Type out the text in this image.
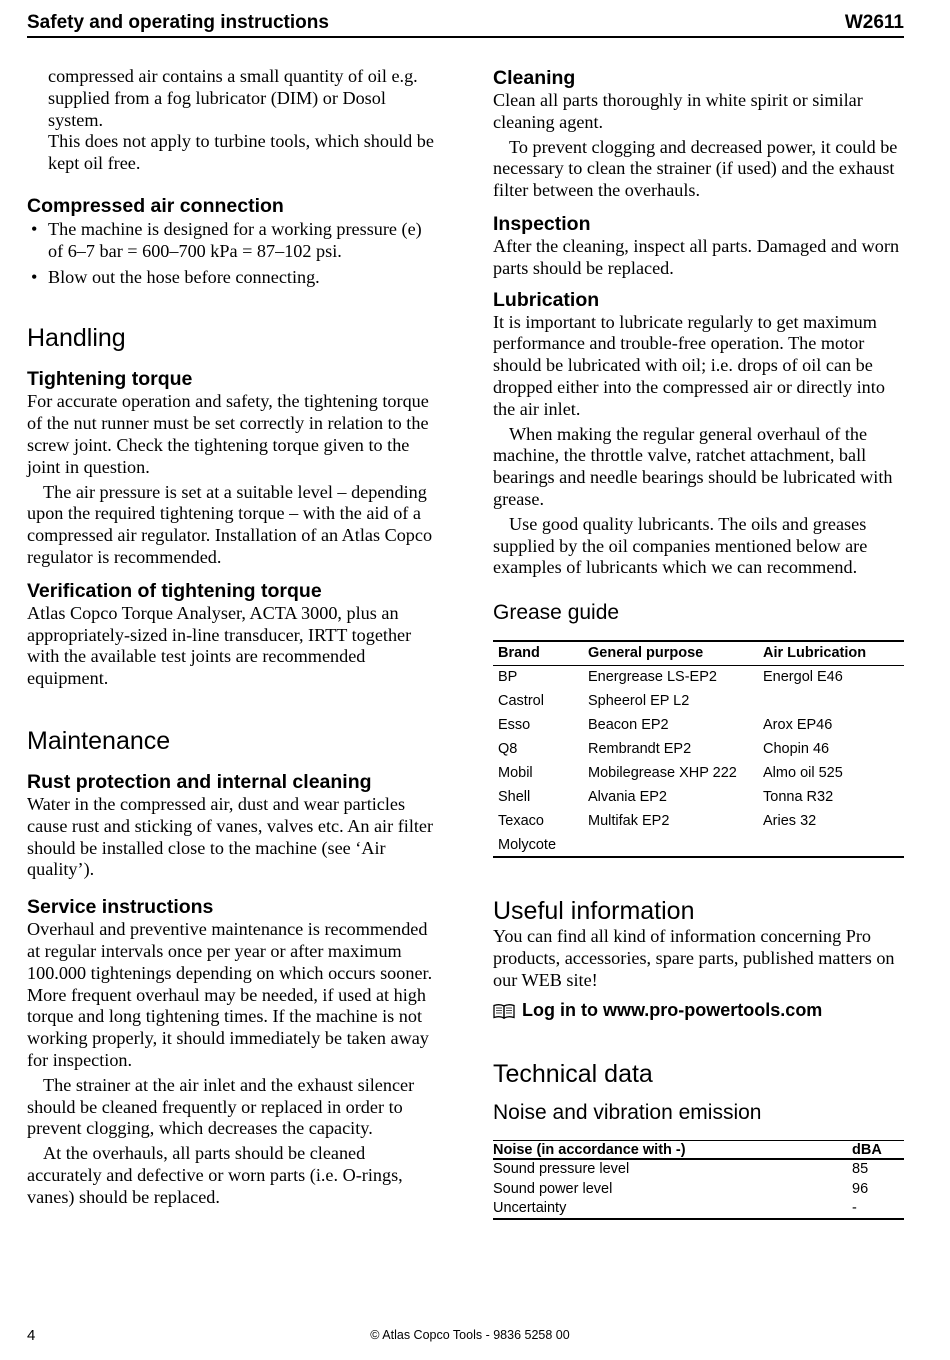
Safety and operating instructions	W2611

compressed air contains a small quantity of oil e.g. supplied from a fog lubricator (DIM) or Dosol system.

This does not apply to turbine tools, which should be kept oil free.

Compressed air connection
• The machine is designed for a working pressure (e) of 6–7 bar = 600–700 kPa = 87–102 psi.
• Blow out the hose before connecting.
Handling
Tightening torque

For accurate operation and safety, the tightening torque of the nut runner must be set correctly in relation to the screw joint. Check the tightening torque given to the joint in question.

The air pressure is set at a suitable level – depending upon the required tightening torque – with the aid of a compressed air regulator. Installation of an Atlas Copco regulator is recommended.

Verification of tightening torque

Atlas Copco Torque Analyser, ACTA 3000, plus an appropriately-sized in-line transducer, IRTT together with the available test joints are recommended equipment.

Maintenance
Rust protection and internal cleaning

Water in the compressed air, dust and wear particles cause rust and sticking of vanes, valves etc. An air filter should be installed close to the machine (see ‘Air quality’).

Service instructions

Overhaul and preventive maintenance is recommended at regular intervals once per year or after maximum 100.000 tightenings depending on which occurs sooner. More frequent overhaul may be needed, if used at high torque and long tightening times. If the machine is not working properly, it should immediately be taken away for inspection.

The strainer at the air inlet and the exhaust silencer should be cleaned frequently or replaced in order to prevent clogging, which decreases the capacity.

At the overhauls, all parts should be cleaned accurately and defective or worn parts (i.e. O-rings, vanes) should be replaced.

Cleaning

Clean all parts thoroughly in white spirit or similar cleaning agent.

To prevent clogging and decreased power, it could be necessary to clean the strainer (if used) and the exhaust filter between the overhauls.

Inspection

After the cleaning, inspect all parts. Damaged and worn parts should be replaced.

Lubrication

It is important to lubricate regularly to get maximum performance and trouble-free operation. The motor should be lubricated with oil; i.e. drops of oil can be dropped either into the compressed air or directly into the air inlet.

When making the regular general overhaul of the machine, the throttle valve, ratchet attachment, ball bearings and needle bearings should be lubricated with grease.

Use good quality lubricants. The oils and greases supplied by the oil companies mentioned below are examples of lubricants which we can recommend.

Grease guide
Brand	General purpose	Air Lubrication
BP	Energrease LS-EP2	Energol E46
Castrol	Spheerol EP L2	
Esso	Beacon EP2	Arox EP46
Q8	Rembrandt EP2	Chopin 46
Mobil	Mobilegrease XHP 222	Almo oil 525
Shell	Alvania EP2	Tonna R32
Texaco	Multifak EP2	Aries 32
Molycote		
Useful information

You can find all kind of information concerning Pro products, accessories, spare parts, published matters on our WEB site!

Log in to www.pro-powertools.com
Technical data
Noise and vibration emission
Noise (in accordance with -)	dBA
Sound pressure level	85
Sound power level	96
Uncertainty	-
4	© Atlas Copco Tools - 9836 5258 00
